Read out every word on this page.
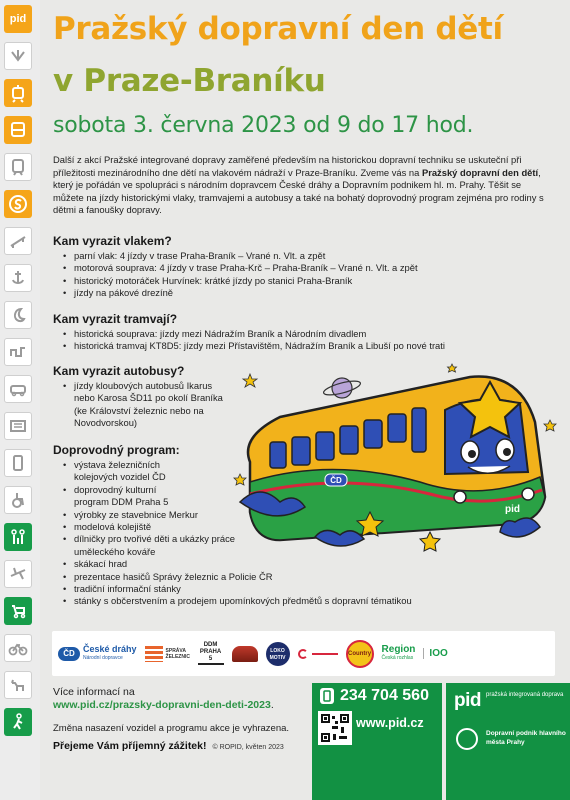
pid Pražský dopravní den dětí
v Praze-Braníku
sobota 3. června 2023 od 9 do 17 hod.

Další z akcí Pražské integrované dopravy zaměřené především na historickou dopravní techniku se uskuteční při příležitosti mezinárodního dne dětí na vlakovém nádraží v Praze-Braníku. Zveme vás na Pražský dopravní den dětí, který je pořádán ve spolupráci s národním dopravcem České dráhy a Dopravním podnikem hl. m. Prahy. Těšit se můžete na jízdy historickými vlaky, tramvajemi a autobusy a také na bohatý doprovodný program zejména pro rodiny s dětmi a fanoušky dopravy.

Kam vyrazit vlakem?
• parní vlak: 4 jízdy v trase Praha-Braník – Vrané n. Vlt. a zpět
• motorová souprava: 4 jízdy v trase Praha-Krč – Praha-Braník – Vrané n. Vlt. a zpět
• historický motoráček Hurvínek: krátké jízdy po stanici Praha-Braník
• jízdy na pákové drezíně
Kam vyrazit tramvají?
• historická souprava: jízdy mezi Nádražím Braník a Národním divadlem
• historická tramvaj KT8D5: jízdy mezi Přístavištěm, Nádražím Braník a Libuší po nové trati
Kam vyrazit autobusy?
• jízdy kloubových autobusů Ikarus nebo Karosa ŠD11 po okolí Braníka (ke Království železnic nebo na Novodvorskou)
Doprovodný program:
• výstava železničních kolejových vozidel ČD
• doprovodný kulturní program DDM Praha 5
• výrobky ze stavebnice Merkur
• modelová kolejiště
• dílničky pro tvořivé děti a ukázky práce uměleckého kováře
• skákací hrad
• prezentace hasičů Správy železnic a Policie ČR
• tradiční informační stánky
• stánky s občerstvením a prodejem upomínkových předmětů s dopravní tématikou
ČD
pid
ČD České dráhy
Národní dopravce
SPRÁVA ŽELEZNIC
DDM PRAHA 5
LOKO MOTIV
Country Region
Česká rozhlas	IOO
Více informací na
www.pid.cz/prazsky-dopravni-den-deti-2023.
Změna nasazení vozidel a programu akce je vyhrazena.
Přejeme Vám příjemný zážitek! © ROPID, květen 2023
234 704 560
www.pid.cz
pid pražská integrovaná doprava
Dopravní podnik hlavního města Prahy
